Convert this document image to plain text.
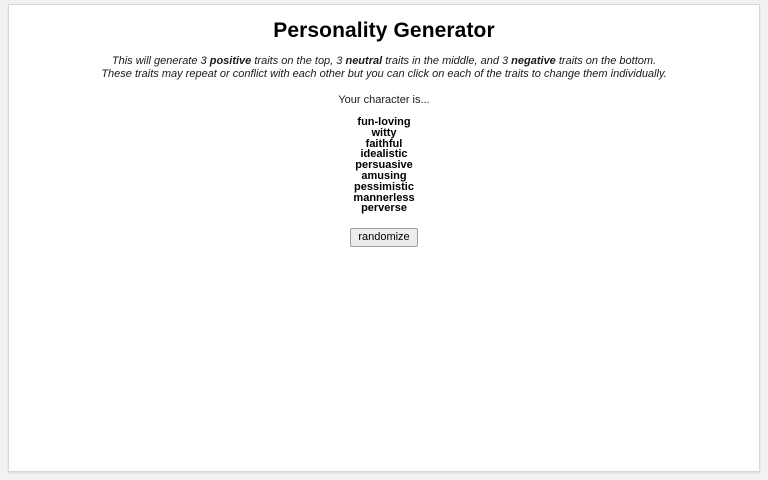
Personality Generator
This will generate 3 positive traits on the top, 3 neutral traits in the middle, and 3 negative traits on the bottom.
These traits may repeat or conflict with each other but you can click on each of the traits to change them individually.
Your character is...
fun-loving
witty
faithful
idealistic
persuasive
amusing
pessimistic
mannerless
perverse
randomize
